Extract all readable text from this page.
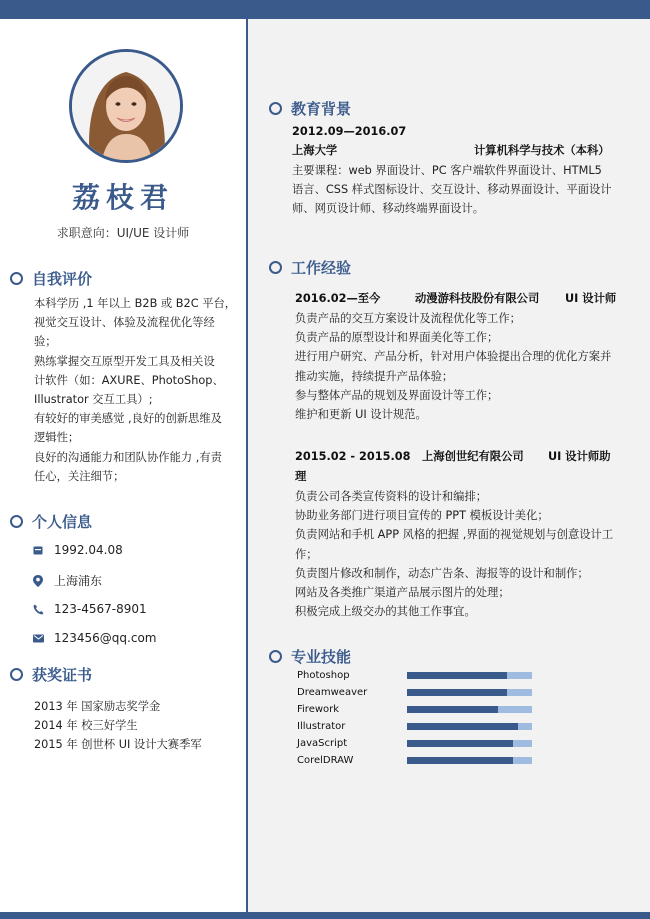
荔枝君
求职意向：UI/UE 设计师
自我评价
本科学历 ,1 年以上 B2B 或 B2C 平台，
视觉交互设计、体验及流程优化等经
验；
熟练掌握交互原型开发工具及相关设
计软件（如：AXURE、PhotoShop、
Illustrator 交互工具）;
有较好的审美感觉 ,良好的创新思维及
逻辑性；
良好的沟通能力和团队协作能力 ,有责
任心，关注细节；
个人信息
1992.04.08
上海浦东
123-4567-8901
123456@qq.com
获奖证书
2013 年 国家励志奖学金
2014 年 校三好学生
2015 年 创世杯 UI 设计大赛季军
教育背景
2012.09—2016.07
上海大学	计算机科学与技术（本科）
主要课程：web 界面设计、PC 客户端软件界面设计、HTML5
语言、CSS 样式图标设计、交互设计、移动界面设计、平面设计
师、网页设计师、移动终端界面设计。
工作经验
2016.02—至今	动漫游科技股份有限公司 UI 设计师
负责产品的交互方案设计及流程优化等工作；
负责产品的原型设计和界面美化等工作；
进行用户研究、产品分析，针对用户体验提出合理的优化方案并
推动实施，持续提升产品体验；
参与整体产品的规划及界面设计等工作；
维护和更新 UI 设计规范。
2015.02 - 2015.08 上海创世纪有限公司 UI 设计师助
理
负责公司各类宣传资料的设计和编排；
协助业务部门进行项目宣传的 PPT 模板设计美化；
负责网站和手机 APP 风格的把握 ,界面的视觉规划与创意设计工
作；
负责图片修改和制作，动态广告条、海报等的设计和制作；
网站及各类推广渠道产品展示图片的处理；
积极完成上级交办的其他工作事宜。
专业技能
Photoshop
Dreamweaver
Firework
Illustrator
JavaScript
CorelDRAW
